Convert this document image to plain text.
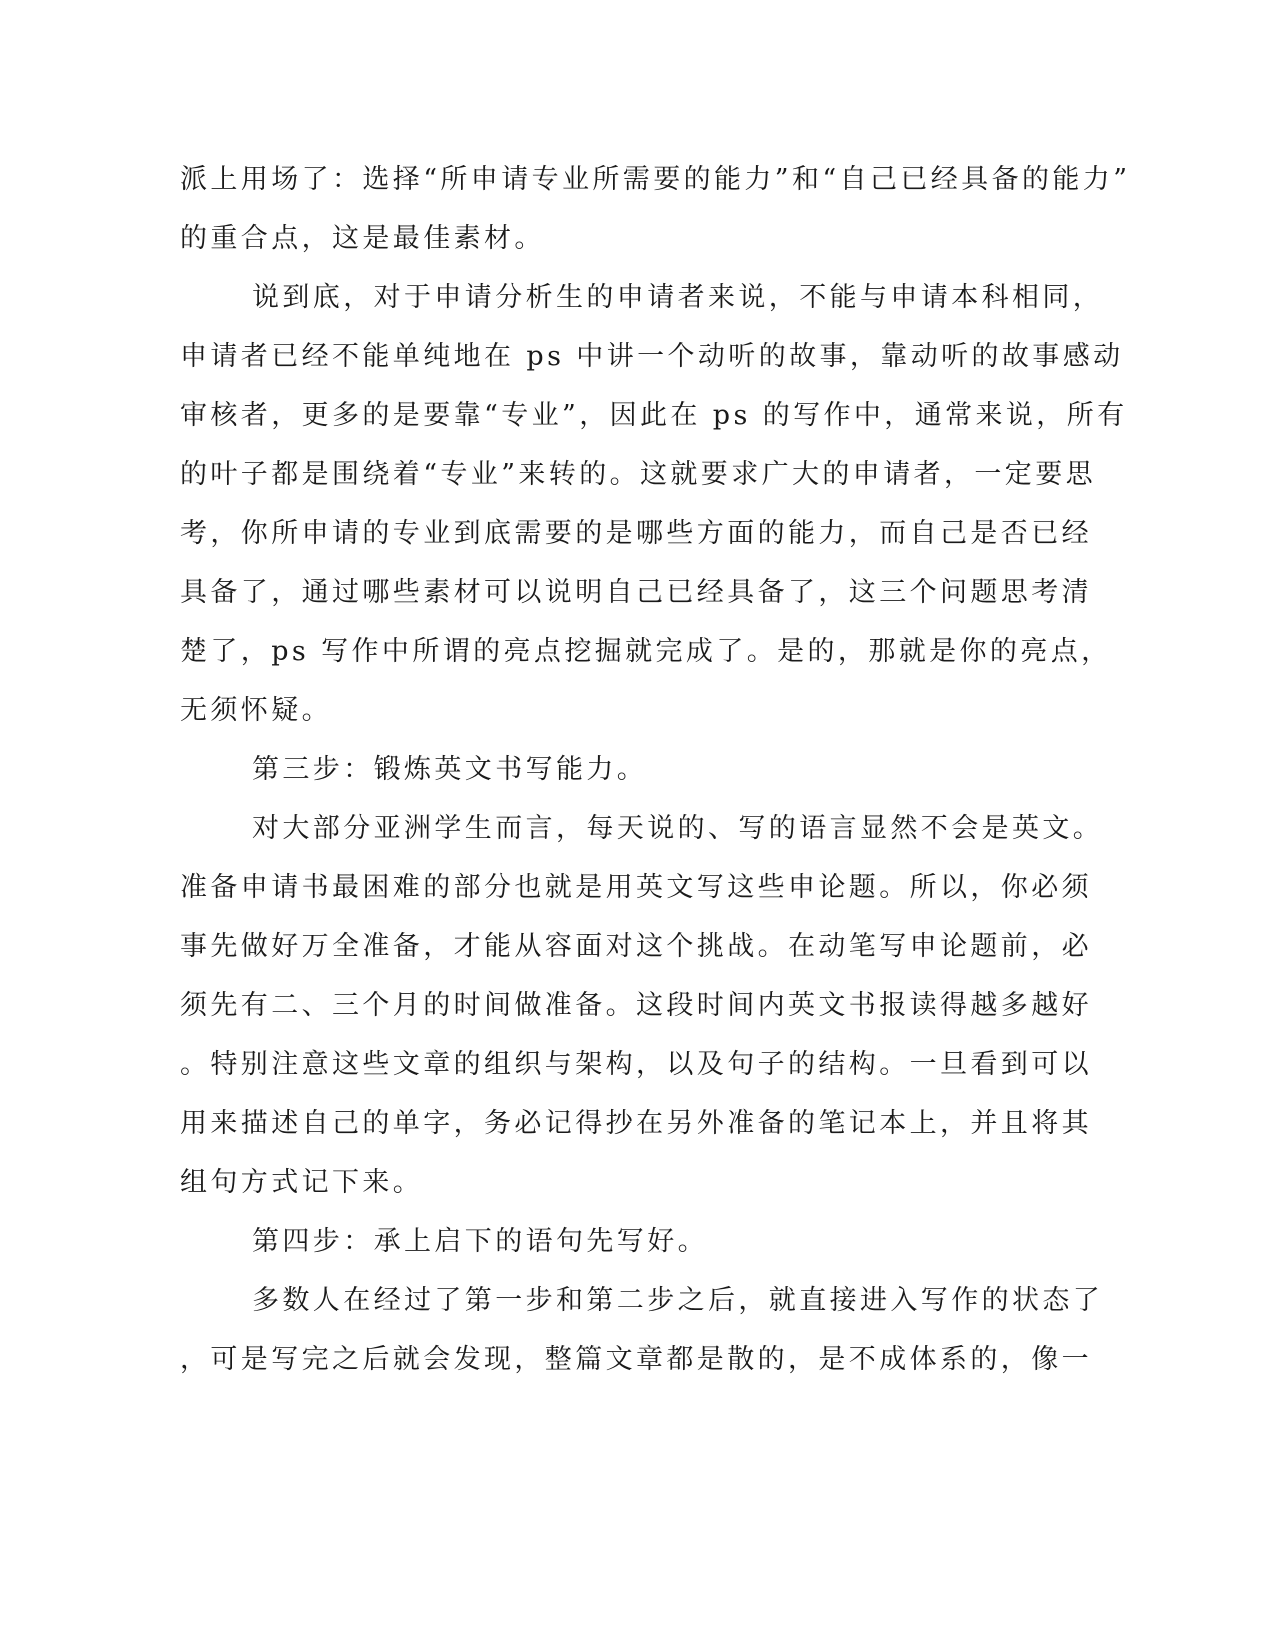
派上用场了：选择“所申请专业所需要的能力”和“自己已经具备的能力”
的重合点，这是最佳素材。
说到底，对于申请分析生的申请者来说，不能与申请本科相同，
申请者已经不能单纯地在 ps 中讲一个动听的故事，靠动听的故事感动
审核者，更多的是要靠“专业”，因此在 ps 的写作中，通常来说，所有
的叶子都是围绕着“专业”来转的。这就要求广大的申请者，一定要思
考，你所申请的专业到底需要的是哪些方面的能力，而自己是否已经
具备了，通过哪些素材可以说明自己已经具备了，这三个问题思考清
楚了，ps 写作中所谓的亮点挖掘就完成了。是的，那就是你的亮点，
无须怀疑。
第三步：锻炼英文书写能力。
对大部分亚洲学生而言，每天说的、写的语言显然不会是英文。
准备申请书最困难的部分也就是用英文写这些申论题。所以，你必须
事先做好万全准备，才能从容面对这个挑战。在动笔写申论题前，必
须先有二、三个月的时间做准备。这段时间内英文书报读得越多越好
。特别注意这些文章的组织与架构，以及句子的结构。一旦看到可以
用来描述自己的单字，务必记得抄在另外准备的笔记本上，并且将其
组句方式记下来。
第四步：承上启下的语句先写好。
多数人在经过了第一步和第二步之后，就直接进入写作的状态了
，可是写完之后就会发现，整篇文章都是散的，是不成体系的，像一
